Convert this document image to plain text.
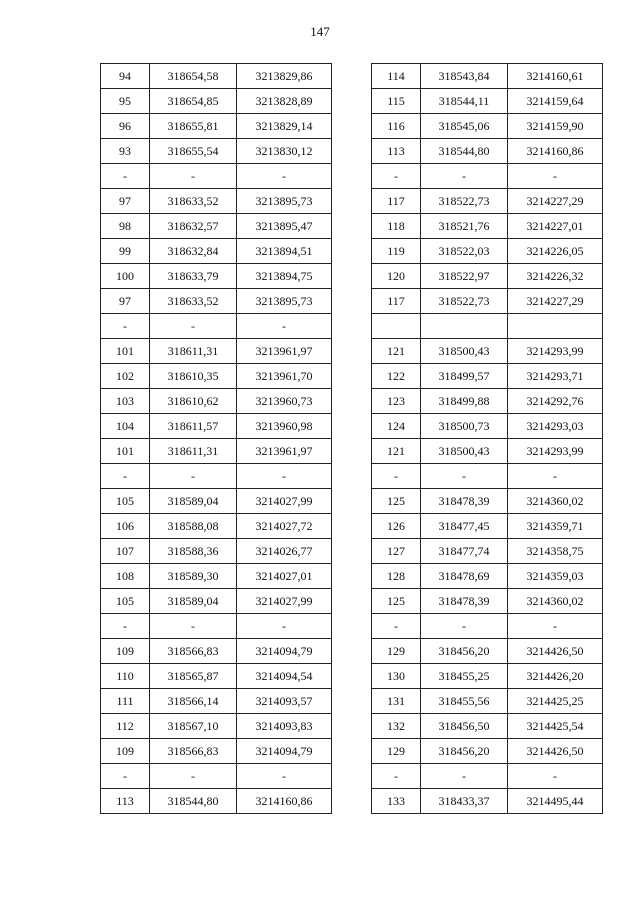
147
94	318654,58	3213829,86
95	318654,85	3213828,89
96	318655,81	3213829,14
93	318655,54	3213830,12
-	-	-
97	318633,52	3213895,73
98	318632,57	3213895,47
99	318632,84	3213894,51
100	318633,79	3213894,75
97	318633,52	3213895,73
-	-	-
101	318611,31	3213961,97
102	318610,35	3213961,70
103	318610,62	3213960,73
104	318611,57	3213960,98
101	318611,31	3213961,97
-	-	-
105	318589,04	3214027,99
106	318588,08	3214027,72
107	318588,36	3214026,77
108	318589,30	3214027,01
105	318589,04	3214027,99
-	-	-
109	318566,83	3214094,79
110	318565,87	3214094,54
111	318566,14	3214093,57
112	318567,10	3214093,83
109	318566,83	3214094,79
-	-	-
113	318544,80	3214160,86
114	318543,84	3214160,61
115	318544,11	3214159,64
116	318545,06	3214159,90
113	318544,80	3214160,86
-	-	-
117	318522,73	3214227,29
118	318521,76	3214227,01
119	318522,03	3214226,05
120	318522,97	3214226,32
117	318522,73	3214227,29

121	318500,43	3214293,99
122	318499,57	3214293,71
123	318499,88	3214292,76
124	318500,73	3214293,03
121	318500,43	3214293,99
-	-	-
125	318478,39	3214360,02
126	318477,45	3214359,71
127	318477,74	3214358,75
128	318478,69	3214359,03
125	318478,39	3214360,02
-	-	-
129	318456,20	3214426,50
130	318455,25	3214426,20
131	318455,56	3214425,25
132	318456,50	3214425,54
129	318456,20	3214426,50
-	-	-
133	318433,37	3214495,44
